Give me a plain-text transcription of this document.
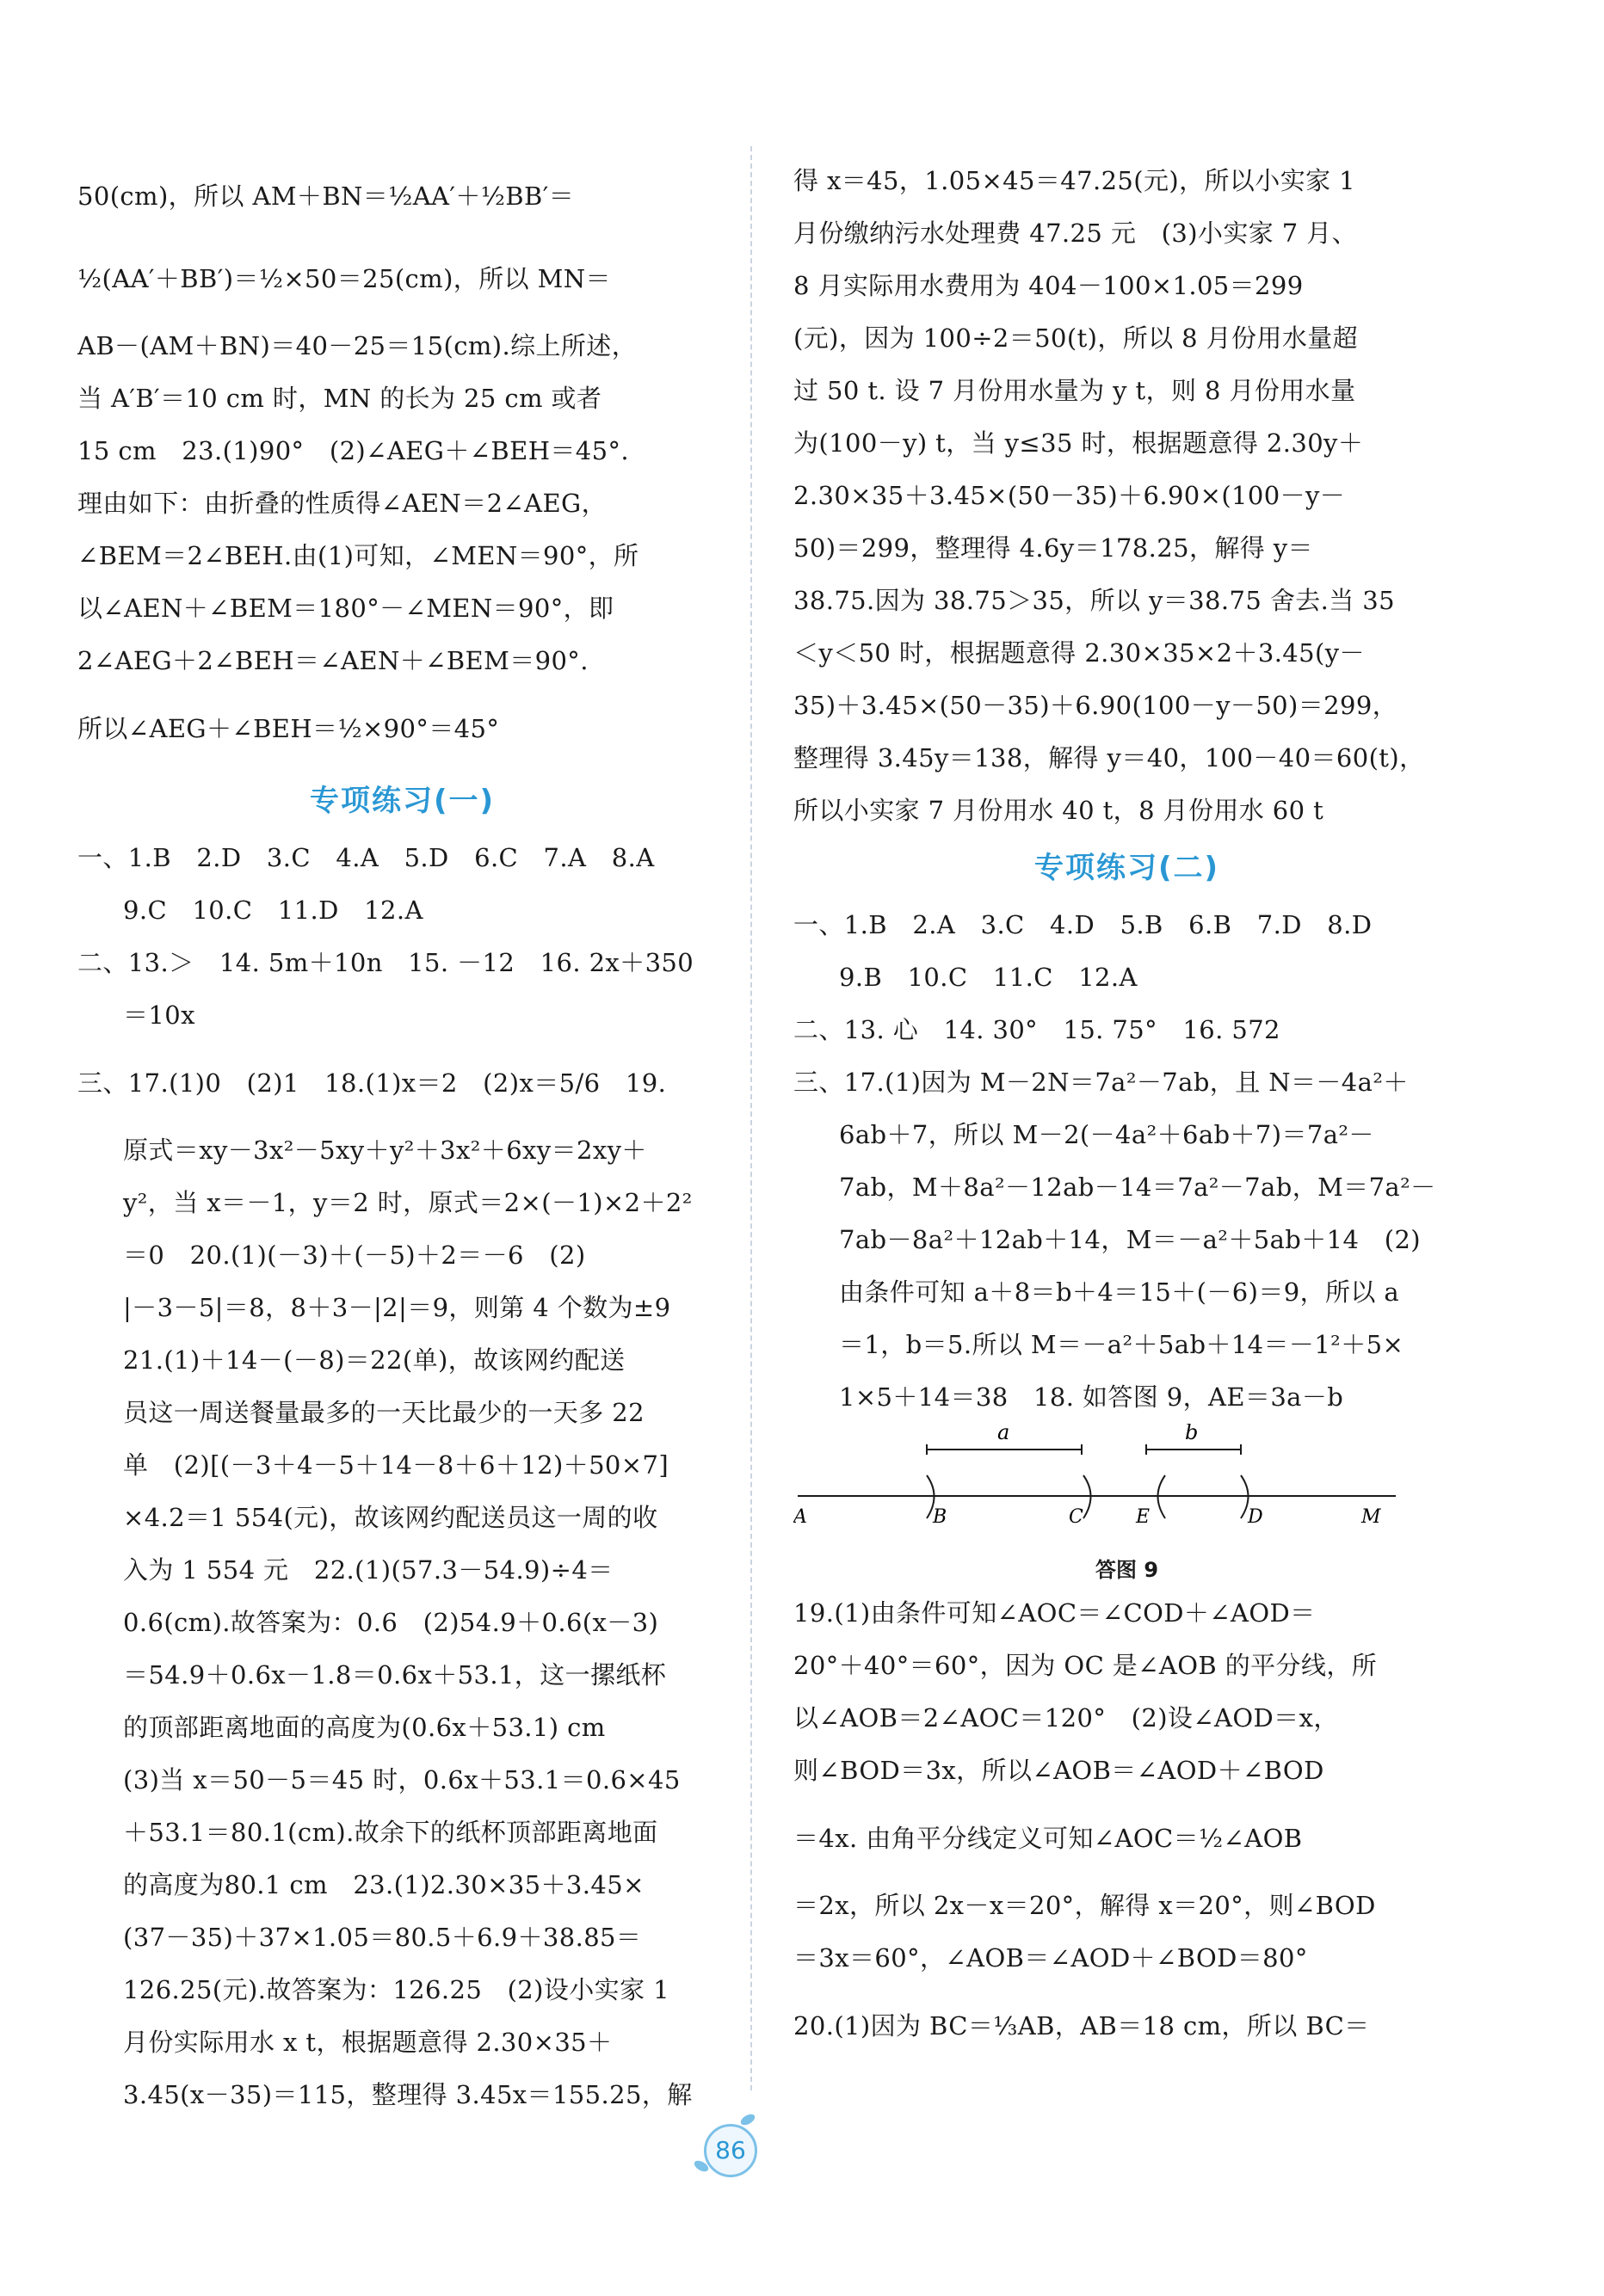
50(cm)，所以 AM＋BN＝½AA′＋½BB′＝
½(AA′＋BB′)＝½×50＝25(cm)，所以 MN＝
AB－(AM＋BN)＝40－25＝15(cm).综上所述，
当 A′B′＝10 cm 时，MN 的长为 25 cm 或者
15 cm　23.(1)90°　(2)∠AEG＋∠BEH＝45°.
理由如下：由折叠的性质得∠AEN＝2∠AEG，
∠BEM＝2∠BEH.由(1)可知，∠MEN＝90°，所
以∠AEN＋∠BEM＝180°－∠MEN＝90°，即
2∠AEG＋2∠BEH＝∠AEN＋∠BEM＝90°.
所以∠AEG＋∠BEH＝½×90°＝45°
专项练习(一)
一、1.B　2.D　3.C　4.A　5.D　6.C　7.A　8.A
9.C　10.C　11.D　12.A
二、13.＞　14. 5m＋10n　15. －12　16. 2x＋350
＝10x
三、17.(1)0　(2)1　18.(1)x＝2　(2)x＝5/6　19.
原式＝xy－3x²－5xy＋y²＋3x²＋6xy＝2xy＋
y²，当 x＝－1，y＝2 时，原式＝2×(－1)×2＋2²
＝0　20.(1)(－3)＋(－5)＋2＝－6　(2)
|－3－5|＝8，8＋3－|2|＝9，则第 4 个数为±9
21.(1)＋14－(－8)＝22(单)，故该网约配送
员这一周送餐量最多的一天比最少的一天多 22
单　(2)[(－3＋4－5＋14－8＋6＋12)＋50×7]
×4.2＝1 554(元)，故该网约配送员这一周的收
入为 1 554 元　22.(1)(57.3－54.9)÷4＝
0.6(cm).故答案为：0.6　(2)54.9＋0.6(x－3)
＝54.9＋0.6x－1.8＝0.6x＋53.1，这一摞纸杯
的顶部距离地面的高度为(0.6x＋53.1) cm
(3)当 x＝50－5＝45 时，0.6x＋53.1＝0.6×45
＋53.1＝80.1(cm).故余下的纸杯顶部距离地面
的高度为80.1 cm　23.(1)2.30×35＋3.45×
(37－35)＋37×1.05＝80.5＋6.9＋38.85＝
126.25(元).故答案为：126.25　(2)设小实家 1
月份实际用水 x t，根据题意得 2.30×35＋
3.45(x－35)＝115，整理得 3.45x＝155.25，解
得 x＝45，1.05×45＝47.25(元)，所以小实家 1
月份缴纳污水处理费 47.25 元　(3)小实家 7 月、
8 月实际用水费用为 404－100×1.05＝299
(元)，因为 100÷2＝50(t)，所以 8 月份用水量超
过 50 t. 设 7 月份用水量为 y t，则 8 月份用水量
为(100－y) t，当 y≤35 时，根据题意得 2.30y＋
2.30×35＋3.45×(50－35)＋6.90×(100－y－
50)＝299，整理得 4.6y＝178.25，解得 y＝
38.75.因为 38.75＞35，所以 y＝38.75 舍去.当 35
＜y＜50 时，根据题意得 2.30×35×2＋3.45(y－
35)＋3.45×(50－35)＋6.90(100－y－50)＝299，
整理得 3.45y＝138，解得 y＝40，100－40＝60(t)，
所以小实家 7 月份用水 40 t，8 月份用水 60 t
专项练习(二)
一、1.B　2.A　3.C　4.D　5.B　6.B　7.D　8.D
9.B　10.C　11.C　12.A
二、13. 心　14. 30°　15. 75°　16. 572
三、17.(1)因为 M－2N＝7a²－7ab，且 N＝－4a²＋
6ab＋7，所以 M－2(－4a²＋6ab＋7)＝7a²－
7ab，M＋8a²－12ab－14＝7a²－7ab，M＝7a²－
7ab－8a²＋12ab＋14，M＝－a²＋5ab＋14　(2)
由条件可知 a＋8＝b＋4＝15＋(－6)＝9，所以 a
＝1，b＝5.所以 M＝－a²＋5ab＋14＝－1²＋5×
1×5＋14＝38　18. 如答图 9，AE＝3a－b
a	b
A	B	C	E	D	M
答图 9
19.(1)由条件可知∠AOC＝∠COD＋∠AOD＝
20°＋40°＝60°，因为 OC 是∠AOB 的平分线，所
以∠AOB＝2∠AOC＝120°　(2)设∠AOD＝x，
则∠BOD＝3x，所以∠AOB＝∠AOD＋∠BOD
＝4x. 由角平分线定义可知∠AOC＝½∠AOB
＝2x，所以 2x－x＝20°，解得 x＝20°，则∠BOD
＝3x＝60°，∠AOB＝∠AOD＋∠BOD＝80°
20.(1)因为 BC＝⅓AB，AB＝18 cm，所以 BC＝
86
